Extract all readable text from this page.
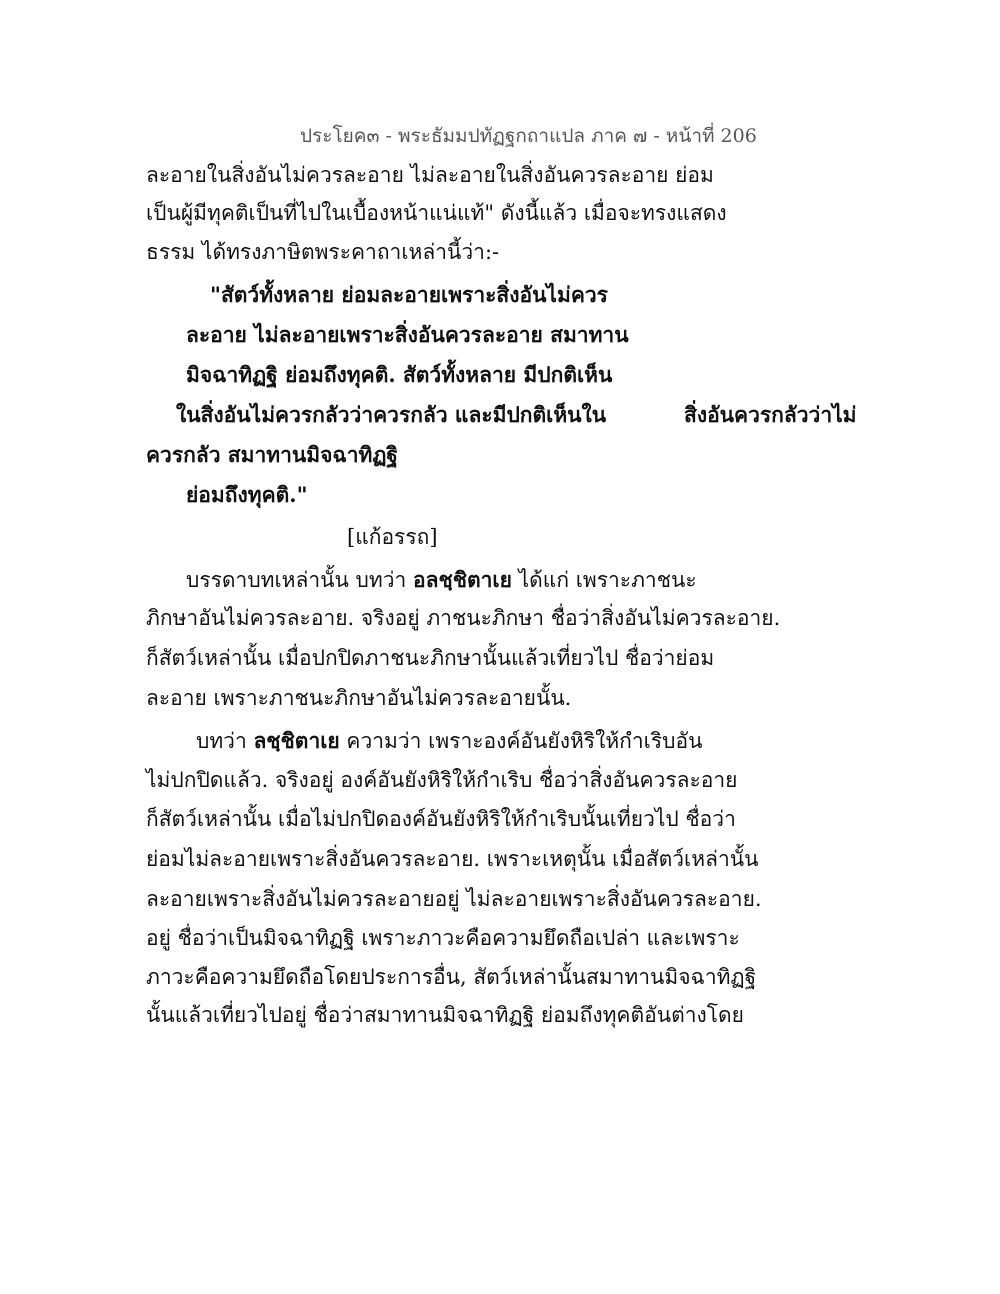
ประโยค๓ - พระธัมมปทัฏฐกถาแปล ภาค ๗ - หน้าที่ 206
ละอายในสิ่งอันไม่ควรละอาย ไม่ละอายในสิ่งอันควรละอาย ย่อม
เป็นผู้มีทุคติเป็นที่ไปในเบื้องหน้าแน่แท้" ดังนี้แล้ว เมื่อจะทรงแสดง
ธรรม ได้ทรงภาษิตพระคาถาเหล่านี้ว่า:-
"สัตว์ทั้งหลาย ย่อมละอายเพราะสิ่งอันไม่ควร
ละอาย ไม่ละอายเพราะสิ่งอันควรละอาย สมาทาน
มิจฉาทิฏฐิ ย่อมถึงทุคติ. สัตว์ทั้งหลาย มีปกติเห็น
ในสิ่งอันไม่ควรกลัวว่าควรกลัว และมีปกติเห็นใน	สิ่งอันควรกลัวว่าไม่
ควรกลัว สมาทานมิจฉาทิฏฐิ
ย่อมถึงทุคติ."
[แก้อรรถ]
บรรดาบทเหล่านั้น บทว่า อลชฺชิตาเย ได้แก่ เพราะภาชนะ
ภิกษาอันไม่ควรละอาย. จริงอยู่ ภาชนะภิกษา ชื่อว่าสิ่งอันไม่ควรละอาย.
ก็สัตว์เหล่านั้น เมื่อปกปิดภาชนะภิกษานั้นแล้วเที่ยวไป ชื่อว่าย่อม
ละอาย เพราะภาชนะภิกษาอันไม่ควรละอายนั้น.
บทว่า ลชฺชิตาเย ความว่า เพราะองค์อันยังหิริให้กำเริบอัน
ไม่ปกปิดแล้ว. จริงอยู่ องค์อันยังหิริให้กำเริบ ชื่อว่าสิ่งอันควรละอาย
ก็สัตว์เหล่านั้น เมื่อไม่ปกปิดองค์อันยังหิริให้กำเริบนั้นเที่ยวไป ชื่อว่า
ย่อมไม่ละอายเพราะสิ่งอันควรละอาย. เพราะเหตุนั้น เมื่อสัตว์เหล่านั้น
ละอายเพราะสิ่งอันไม่ควรละอายอยู่ ไม่ละอายเพราะสิ่งอันควรละอาย.
อยู่ ชื่อว่าเป็นมิจฉาทิฏฐิ เพราะภาวะคือความยึดถือเปล่า และเพราะ
ภาวะคือความยึดถือโดยประการอื่น, สัตว์เหล่านั้นสมาทานมิจฉาทิฏฐิ
นั้นแล้วเที่ยวไปอยู่ ชื่อว่าสมาทานมิจฉาทิฏฐิ ย่อมถึงทุคติอันต่างโดย
